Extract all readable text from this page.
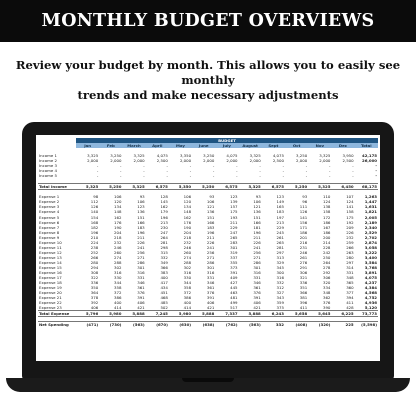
MONTHLY BUDGET OVERVIEWS
Review your budget by month. This allows you to easily see monthly
trends and make necessary adjustments
	BUDGET												
	Jan	Feb	March	April	May	June	July	August	Sept	Oct	Nov	Dec	Total

Income 1	3,325	3,250	3,325	4,075	3,350	3,250	4,075	3,325	4,075	3,250	3,325	3,950	42,175
Income 2	2,000	2,000	2,000	2,500	2,000	2,000	2,000	2,000	2,500	2,000	2,000	2,500	26,000
Income 3	-	-	-	-	-	-	-	-	-	-	-	-	-
Income 4	-	-	-	-	-	-	-	-	-	-	-	-	-
Income 5	-	-	-	-	-	-	-	-	-	-	-	-	-

Total Income	5,325	5,250	5,325	6,575	5,350	5,250	6,575	5,325	6,575	5,250	5,325	6,450	68,175

Expense 1	98	106	93	128	106	93	123	93	123	93	110	107	1,263
Expense 2	112	120	106	145	120	106	139	106	149	96	124	124	1,447
Expense 3	126	134	123	162	134	121	157	121	165	111	138	141	1,631
Expense 4	140	148	136	179	148	136	175	136	183	126	158	158	1,821
Expense 5	154	162	151	196	162	151	193	151	197	141	172	175	2,005
Expense 6	168	176	166	213	176	166	211	166	213	156	186	192	2,189
Expense 7	182	190	183	230	190	183	229	181	229	171	167	209	2,340
Expense 8	196	204	196	247	204	196	247	196	245	186	186	226	2,529
Expense 9	210	218	211	264	218	211	265	211	261	201	200	232	2,702
Expense 10	224	232	226	281	232	226	283	226	265	216	214	259	2,874
Expense 11	238	246	241	298	246	241	301	241	281	231	228	266	3,058
Expense 12	252	260	256	315	260	256	319	256	297	246	242	263	3,222
Expense 13	266	274	271	332	274	271	337	271	313	261	250	280	3,400
Expense 14	280	288	286	349	288	286	355	286	329	276	264	297	3,584
Expense 15	294	302	301	366	302	301	373	301	345	291	278	314	3,768
Expense 16	308	316	316	383	316	316	391	316	300	306	292	331	3,891
Expense 17	322	330	331	400	330	331	409	331	316	321	306	348	4,075
Expense 18	336	344	346	417	344	346	427	346	332	336	320	365	4,237
Expense 19	350	358	361	434	358	361	445	361	312	351	334	360	4,384
Expense 20	364	372	376	451	372	376	463	376	327	366	348	377	4,568
Expense 21	378	386	391	468	386	391	481	391	343	381	362	394	4,752
Expense 22	392	400	406	485	400	406	499	406	359	396	376	411	4,936
Expense 23	406	414	421	502	414	421	517	421	375	411	390	428	5,120
Total Expense	5,796	5,980	5,888	7,245	5,980	5,888	7,337	5,888	6,243	5,658	5,645	6,225	73,773

Net Spending	(471)	(730)	(563)	(670)	(630)	(638)	(762)	(563)	332	(408)	(320)	225	(5,598)
